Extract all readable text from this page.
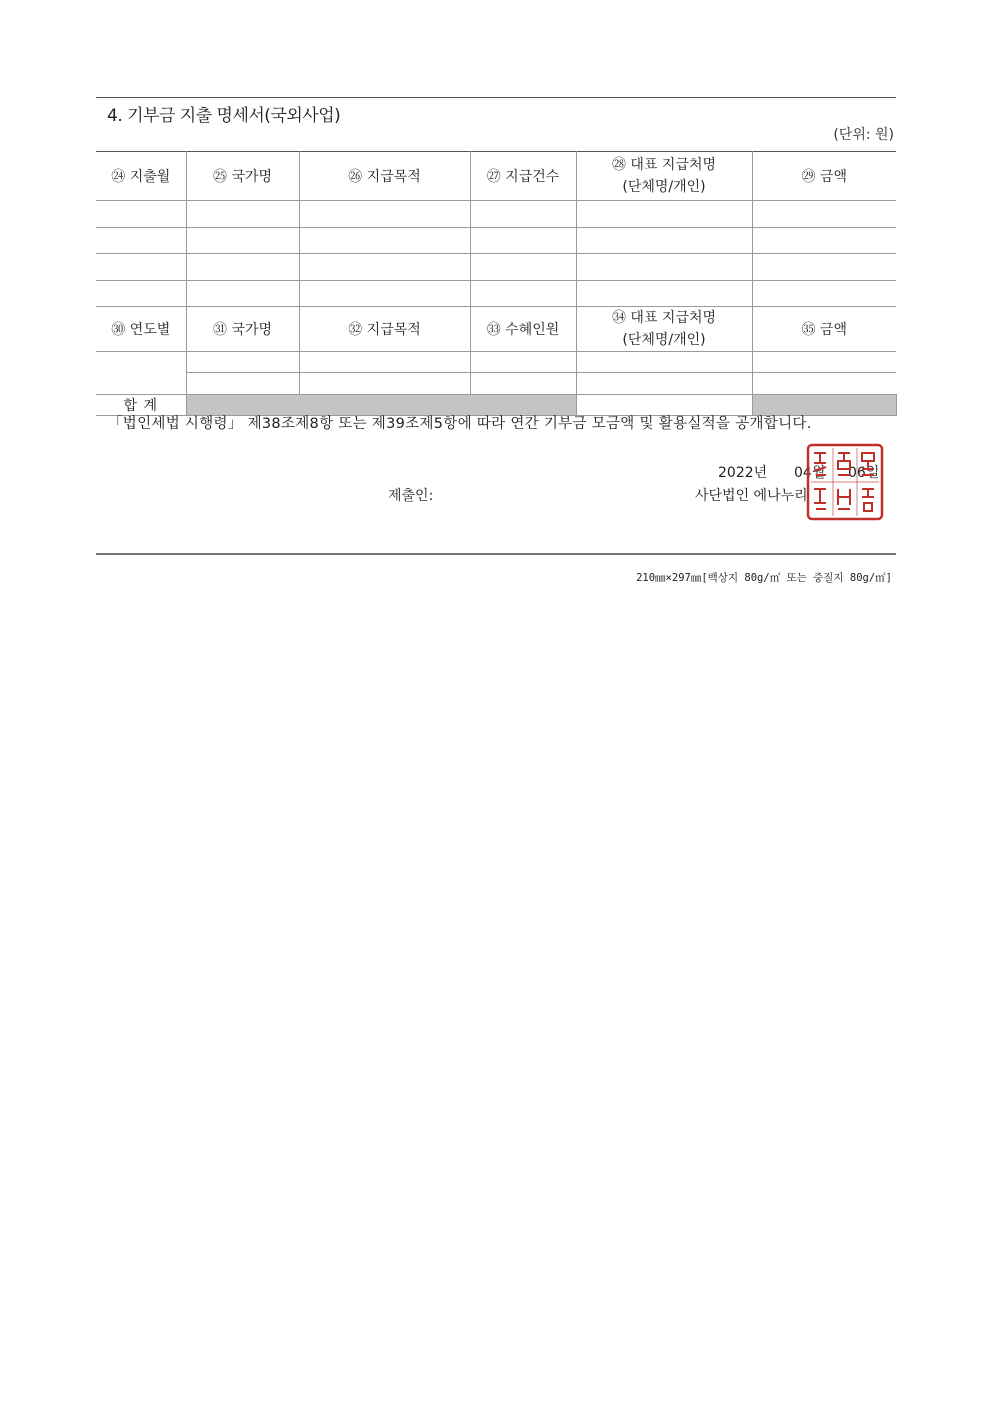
4. 기부금 지출 명세서(국외사업)
(단위: 원)
㉔ 지출월	㉕ 국가명	㉖ 지급목적	㉗ 지급건수	㉘ 대표 지급처명
(단체명/개인)	㉙ 금액	

㉚ 연도별	㉛ 국가명	㉜ 지급목적	㉝ 수혜인원	㉞ 대표 지급처명
(단체명/개인)	㉟ 금액	

합 계						
「법인세법 시행령」 제38조제8항 또는 제39조제5항에 따라 연간 기부금 모금액 및 활용실적을 공개합니다.
2022년 04월 06일
제출인:	사단법인 에나누리
210㎜×297㎜[백상지 80g/㎡ 또는 중질지 80g/㎡]
